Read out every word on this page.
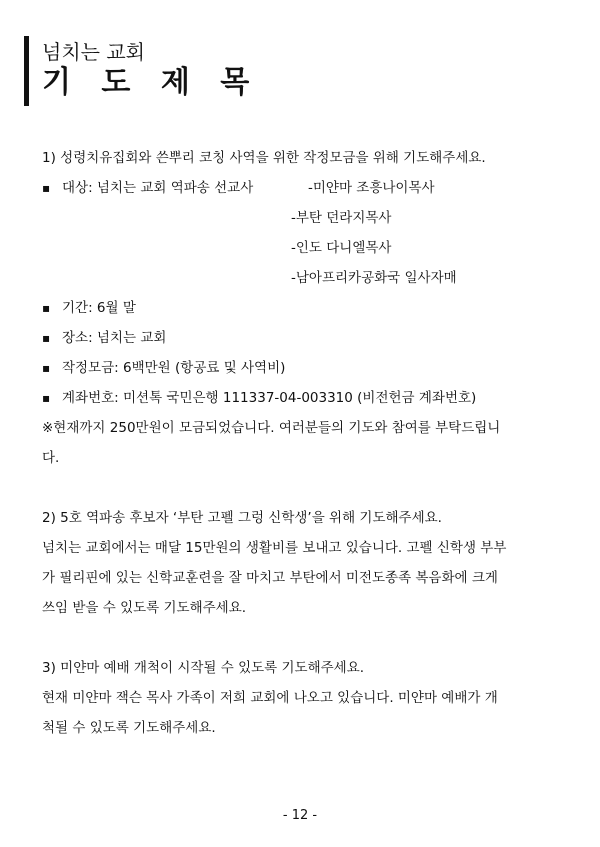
넘치는 교회
기 도 제 목
1) 성령치유집회와 쓴뿌리 코칭 사역을 위한 작정모금을 위해 기도해주세요.
▪ 대상: 넘치는 교회 역파송 선교사	-미얀마 조흥나이목사
-부탄 던라지목사
-인도 다니엘목사
-남아프리카공화국 일사자매
▪ 기간: 6월 말
▪ 장소: 넘치는 교회
▪ 작정모금: 6백만원 (항공료 및 사역비)
▪ 계좌번호: 미션톡 국민은행 111337-04-003310 (비전헌금 계좌번호)
※현재까지 250만원이 모금되었습니다. 여러분들의 기도와 참여를 부탁드립니
다.
2) 5호 역파송 후보자 ‘부탄 고펠 그렁 신학생’을 위해 기도해주세요.
넘치는 교회에서는 매달 15만원의 생활비를 보내고 있습니다. 고펠 신학생 부부
가 필리핀에 있는 신학교훈련을 잘 마치고 부탄에서 미전도종족 복음화에 크게
쓰임 받을 수 있도록 기도해주세요.
3) 미얀마 예배 개척이 시작될 수 있도록 기도해주세요.
현재 미얀마 잭슨 목사 가족이 저희 교회에 나오고 있습니다. 미얀마 예배가 개
척될 수 있도록 기도해주세요.
- 12 -
